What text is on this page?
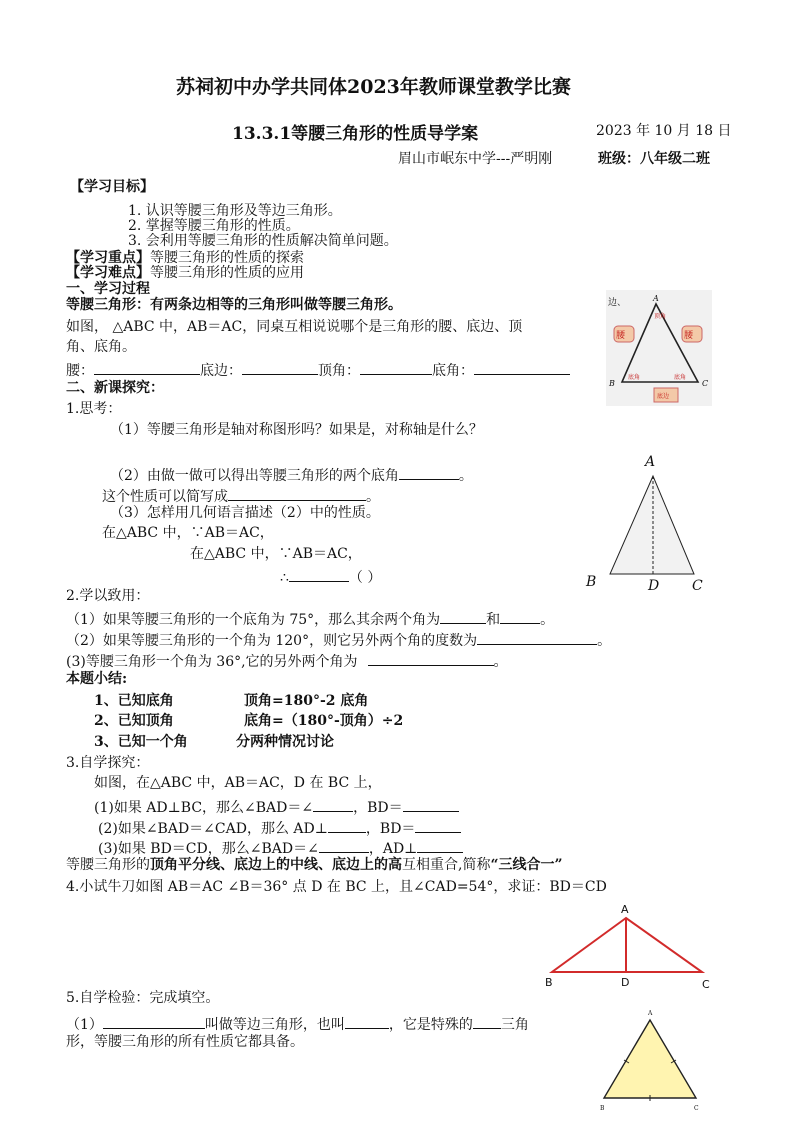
苏祠初中办学共同体2023年教师课堂教学比赛
13.3.1等腰三角形的性质导学案	2023 年 10 月 18 日
眉山市岷东中学---严明刚	班级：八年级二班
【学习目标】
1. 认识等腰三角形及等边三角形。
2. 掌握等腰三角形的性质。
3. 会利用等腰三角形的性质解决简单问题。
【学习重点】等腰三角形的性质的探索
【学习难点】等腰三角形的性质的应用
一、学习过程
等腰三角形：有两条边相等的三角形叫做等腰三角形。
如图， △ABC 中，AB＝AC，同桌互相说说哪个是三角形的腰、底边、顶
角、底角。
腰：	底边：	顶角：	底角：
腰	腰
顶角
底角	底角
底边
A
B	C
边、
二、新课探究：
1.思考：
（1）等腰三角形是轴对称图形吗？如果是，对称轴是什么？
（2）由做一做可以得出等腰三角形的两个底角	。
这个性质可以简写成	。
（3）怎样用几何语言描述（2）中的性质。
在△ABC 中，∵AB＝AC，
在△ABC 中，∵AB＝AC，
∴	（ ）
A
B	D C
2.学以致用：
（1）如果等腰三角形的一个底角为 75°，那么其余两个角为	和	。
（2）如果等腰三角形的一个角为 120°，则它另外两个角的度数为	。
(3)等腰三角形一个角为 36°,它的另外两个角为	。
本题小结:
1、已知底角	顶角=180°-2 底角
2、已知顶角	底角=（180°-顶角）÷2
3、已知一个角	分两种情况讨论
3.自学探究：
如图，在△ABC 中，AB＝AC，D 在 BC 上，
(1)如果 AD⊥BC，那么∠BAD＝∠	，BD＝
(2)如果∠BAD＝∠CAD，那么 AD⊥	，BD＝
(3)如果 BD＝CD，那么∠BAD＝∠	，AD⊥
等腰三角形的顶角平分线、底边上的中线、底边上的高互相重合,简称“三线合一”
4.小试牛刀如图 AB＝AC ∠B＝36° 点 D 在 BC 上，且∠CAD=54°，求证：BD＝CD
A
B	D	C
5.自学检验：完成填空。
（1）	叫做等边三角形，也叫	，它是特殊的 三角
形，等腰三角形的所有性质它都具备。
A
B	C
